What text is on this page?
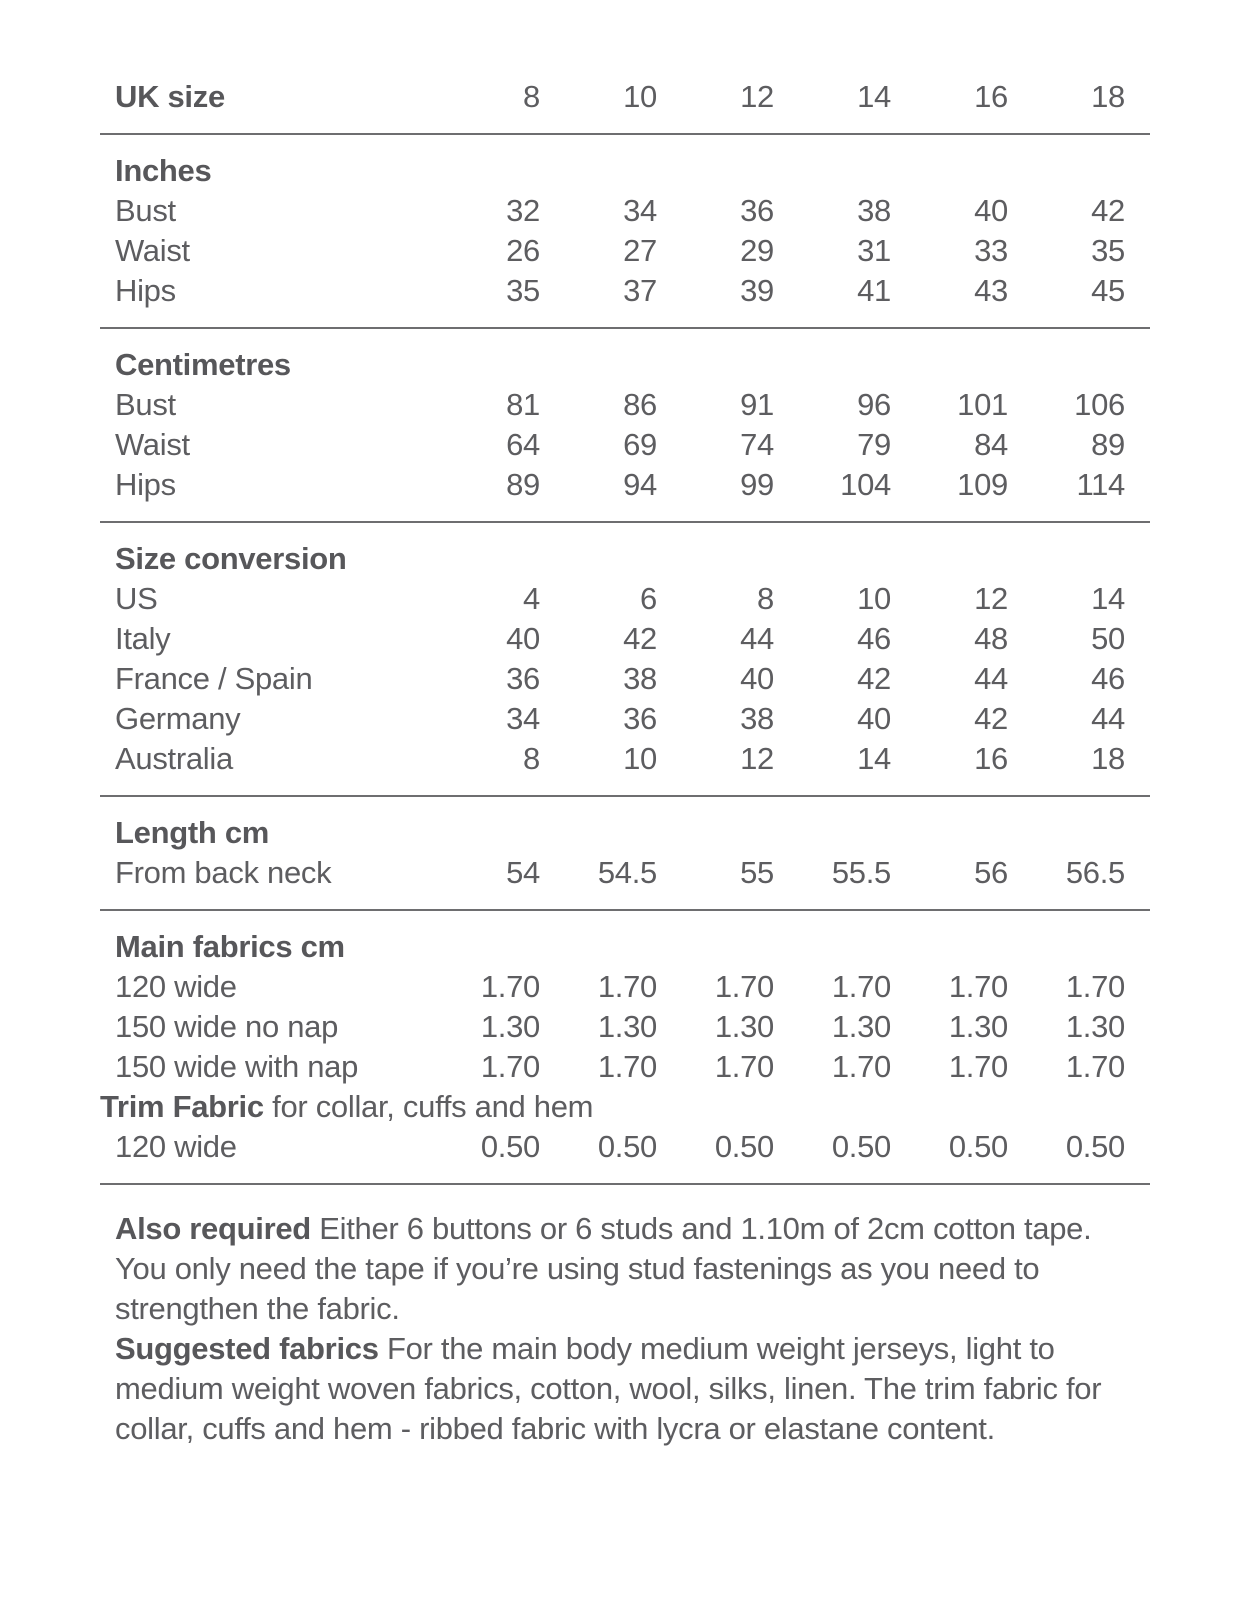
UK size	8	10	12	14	16	18
Inches
Bust	32	34	36	38	40	42
Waist	26	27	29	31	33	35
Hips	35	37	39	41	43	45
Centimetres
Bust	81	86	91	96	101	106
Waist	64	69	74	79	84	89
Hips	89	94	99	104	109	114
Size conversion
US	4	6	8	10	12	14
Italy	40	42	44	46	48	50
France / Spain	36	38	40	42	44	46
Germany	34	36	38	40	42	44
Australia	8	10	12	14	16	18
Length cm
From back neck	54	54.5	55	55.5	56	56.5
Main fabrics cm
120 wide	1.70	1.70	1.70	1.70	1.70	1.70
150 wide no nap	1.30	1.30	1.30	1.30	1.30	1.30
150 wide with nap	1.70	1.70	1.70	1.70	1.70	1.70
Trim Fabric for collar, cuffs and hem
120 wide	0.50	0.50	0.50	0.50	0.50	0.50

Also required Either 6 buttons or 6 studs and 1.10m of 2cm cotton tape. You only need the tape if you’re using stud fastenings as you need to strengthen the fabric.

Suggested fabrics For the main body medium weight jerseys, light to medium weight woven fabrics, cotton, wool, silks, linen. The trim fabric for collar, cuffs and hem - ribbed fabric with lycra or elastane content.
